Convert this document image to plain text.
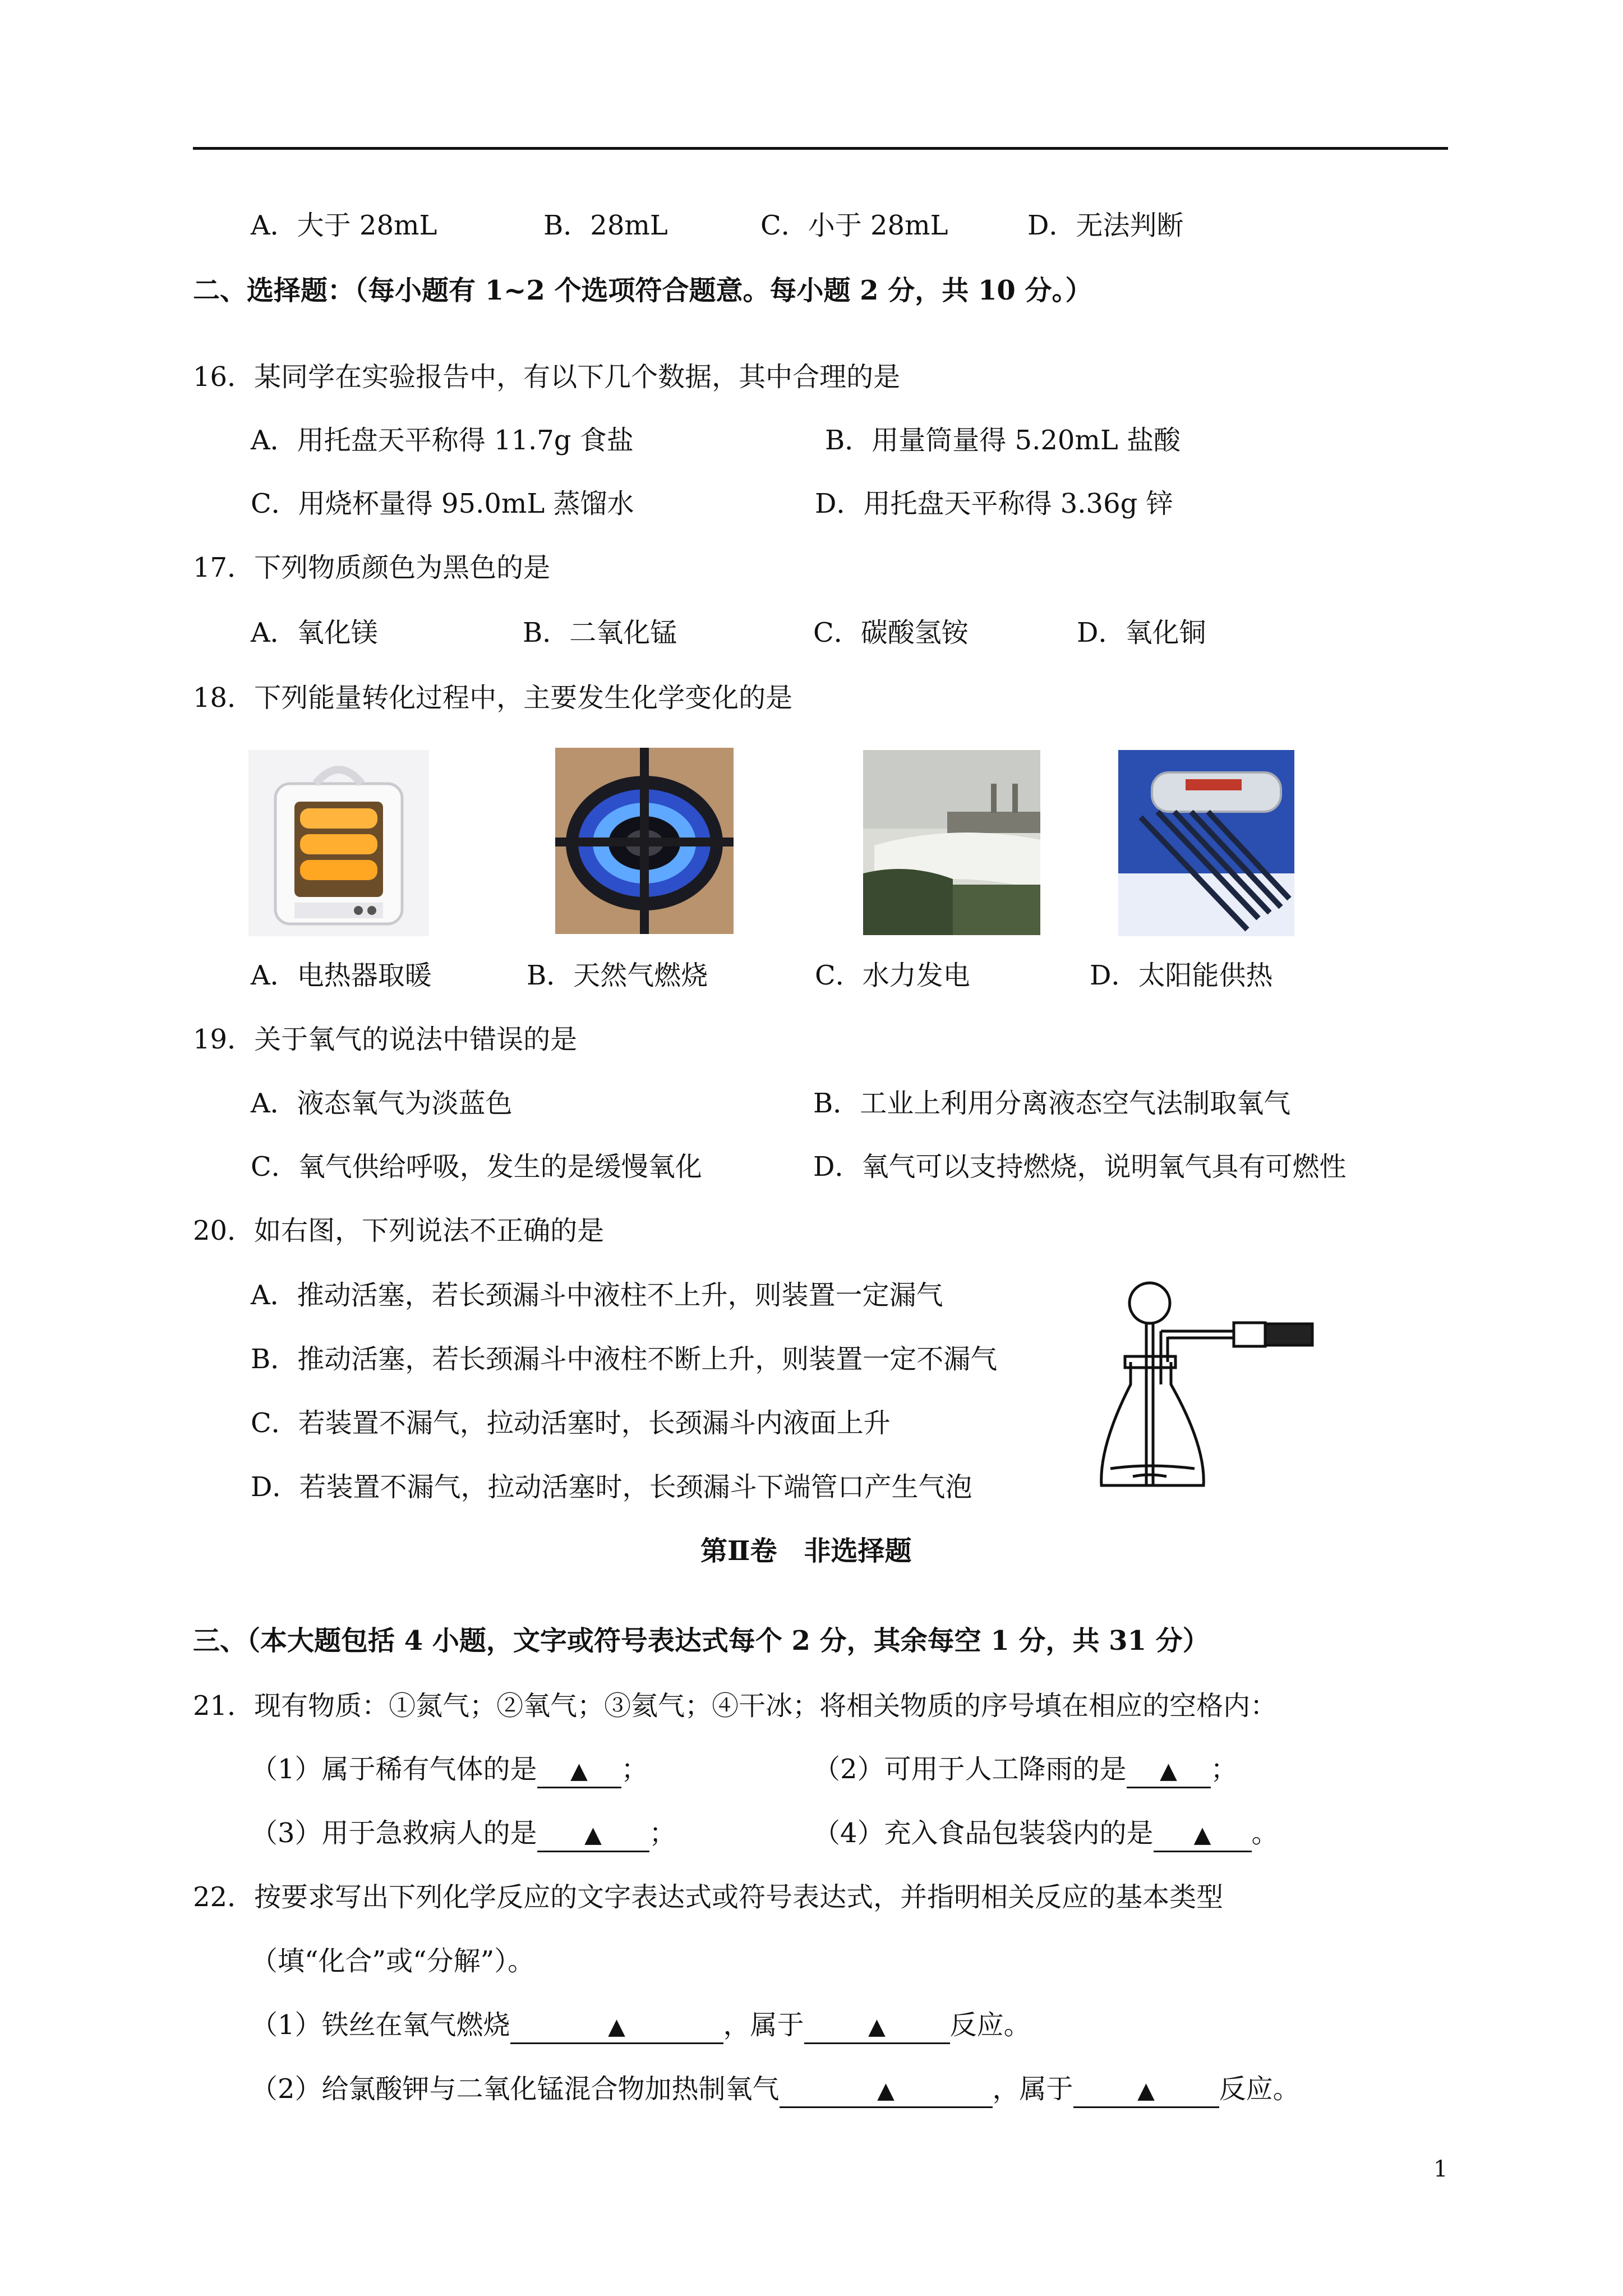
A．大于 28mL	B．28mL	C．小于 28mL	D．无法判断
二、选择题：（每小题有 1~2 个选项符合题意。每小题 2 分，共 10 分。）
16．某同学在实验报告中，有以下几个数据，其中合理的是
A．用托盘天平称得 11.7g 食盐	B．用量筒量得 5.20mL 盐酸
C．用烧杯量得 95.0mL 蒸馏水	D．用托盘天平称得 3.36g 锌
17．下列物质颜色为黑色的是
A．氧化镁	B．二氧化锰	C．碳酸氢铵	D．氧化铜
18．下列能量转化过程中，主要发生化学变化的是
A．电热器取暖	B．天然气燃烧	C．水力发电	D．太阳能供热
19．关于氧气的说法中错误的是
A．液态氧气为淡蓝色	B．工业上利用分离液态空气法制取氧气
C．氧气供给呼吸，发生的是缓慢氧化	D．氧气可以支持燃烧，说明氧气具有可燃性
20．如右图，下列说法不正确的是
A．推动活塞，若长颈漏斗中液柱不上升，则装置一定漏气
B．推动活塞，若长颈漏斗中液柱不断上升，则装置一定不漏气
C．若装置不漏气，拉动活塞时，长颈漏斗内液面上升
D．若装置不漏气，拉动活塞时，长颈漏斗下端管口产生气泡
第Ⅱ卷　非选择题
三、（本大题包括 4 小题，文字或符号表达式每个 2 分，其余每空 1 分，共 31 分）
21．现有物质：①氮气；②氧气；③氦气；④干冰；将相关物质的序号填在相应的空格内：
（1）属于稀有气体的是 ▲ ；	（2）可用于人工降雨的是 ▲ ；
（3）用于急救病人的是 ▲ ；	（4）充入食品包装袋内的是 ▲ 。
22．按要求写出下列化学反应的文字表达式或符号表达式，并指明相关反应的基本类型
（填“化合”或“分解”）。
（1）铁丝在氧气燃烧	▲	，属于	▲ 反应。
（2）给氯酸钾与二氧化锰混合物加热制氧气	▲	，属于	▲ 反应。
1
